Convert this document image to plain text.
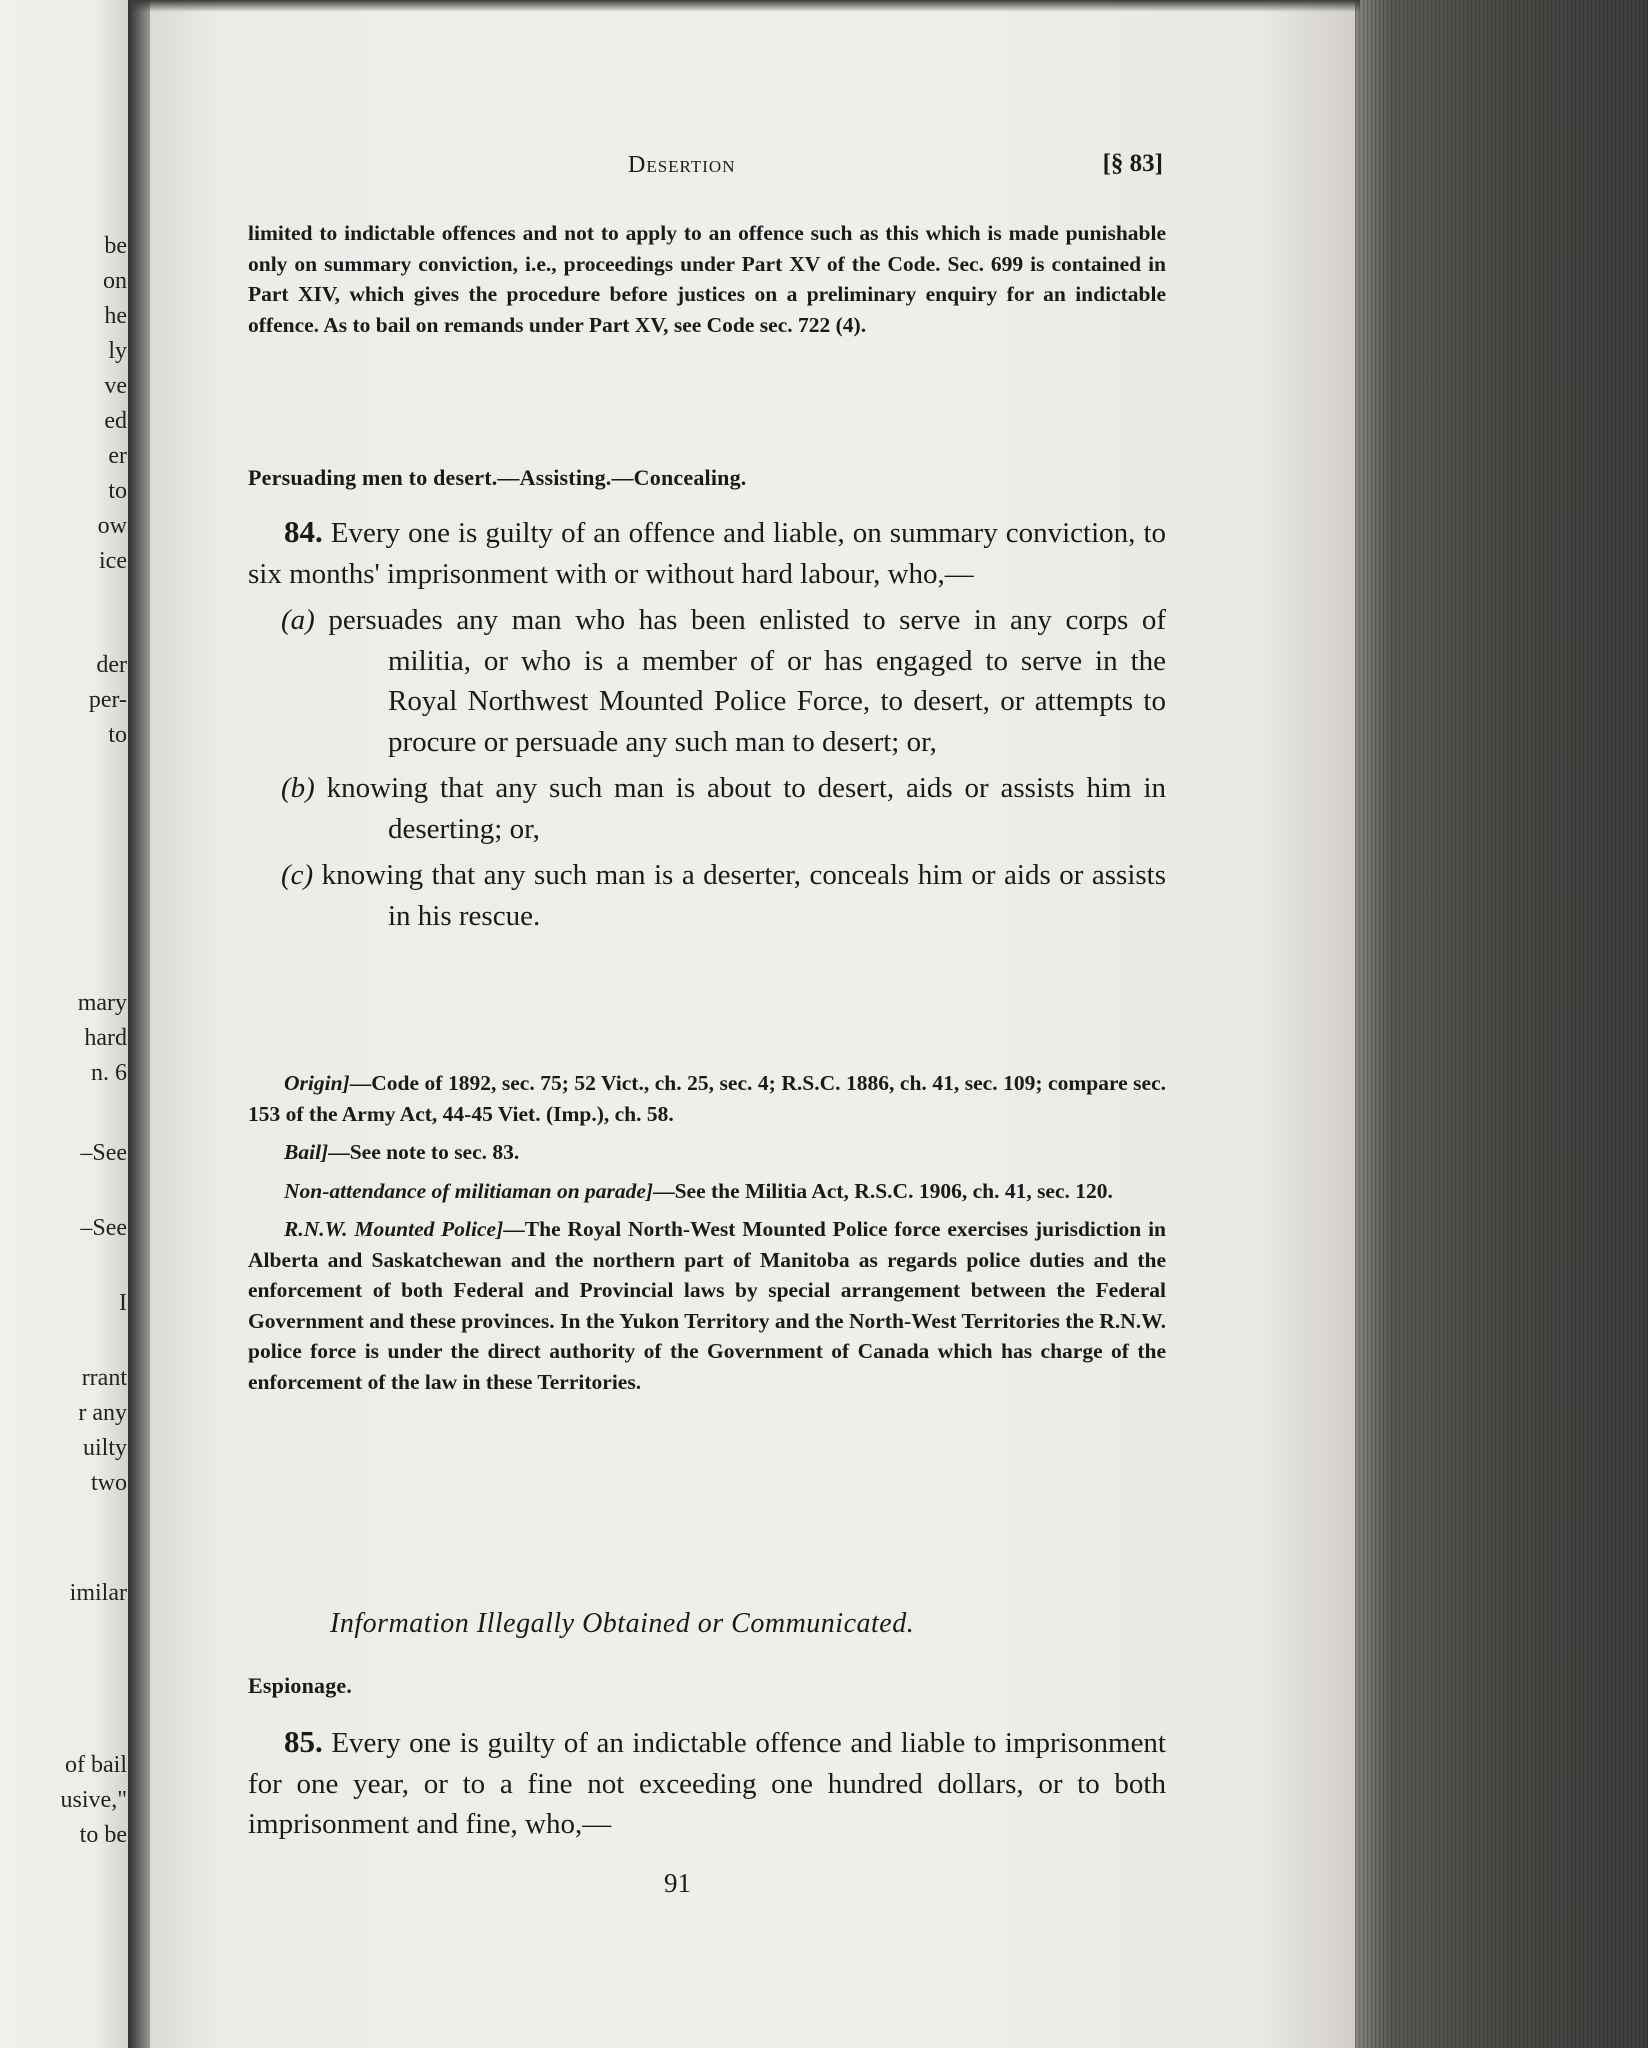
be
on
he
ly
ve
ed
er
to
ow
ice
der
per-
to
mary
hard
n. 6
–See
–See
I
rrant
r any
uilty
two
imilar
of bail
usive,"
to be
Desertion	[§ 83]

limited to indictable offences and not to apply to an offence such as this which is made punishable only on summary conviction, i.e., proceedings under Part XV of the Code. Sec. 699 is contained in Part XIV, which gives the procedure before justices on a preliminary enquiry for an indictable offence. As to bail on remands under Part XV, see Code sec. 722 (4).

Persuading men to desert.—Assisting.—Concealing.

84. Every one is guilty of an offence and liable, on summary conviction, to six months' imprisonment with or without hard labour, who,—

(a) persuades any man who has been enlisted to serve in any corps of militia, or who is a member of or has engaged to serve in the Royal Northwest Mounted Police Force, to desert, or attempts to procure or persuade any such man to desert; or,

(b) knowing that any such man is about to desert, aids or assists him in deserting; or,

(c) knowing that any such man is a deserter, conceals him or aids or assists in his rescue.

Origin]—Code of 1892, sec. 75; 52 Vict., ch. 25, sec. 4; R.S.C. 1886, ch. 41, sec. 109; compare sec. 153 of the Army Act, 44-45 Viet. (Imp.), ch. 58.

Bail]—See note to sec. 83.

Non-attendance of militiaman on parade]—See the Militia Act, R.S.C. 1906, ch. 41, sec. 120.

R.N.W. Mounted Police]—The Royal North-West Mounted Police force exercises jurisdiction in Alberta and Saskatchewan and the northern part of Manitoba as regards police duties and the enforcement of both Federal and Provincial laws by special arrangement between the Federal Government and these provinces. In the Yukon Territory and the North-West Territories the R.N.W. police force is under the direct authority of the Government of Canada which has charge of the enforcement of the law in these Territories.

Information Illegally Obtained or Communicated.
Espionage.

85. Every one is guilty of an indictable offence and liable to imprisonment for one year, or to a fine not exceeding one hundred dollars, or to both imprisonment and fine, who,—

91
